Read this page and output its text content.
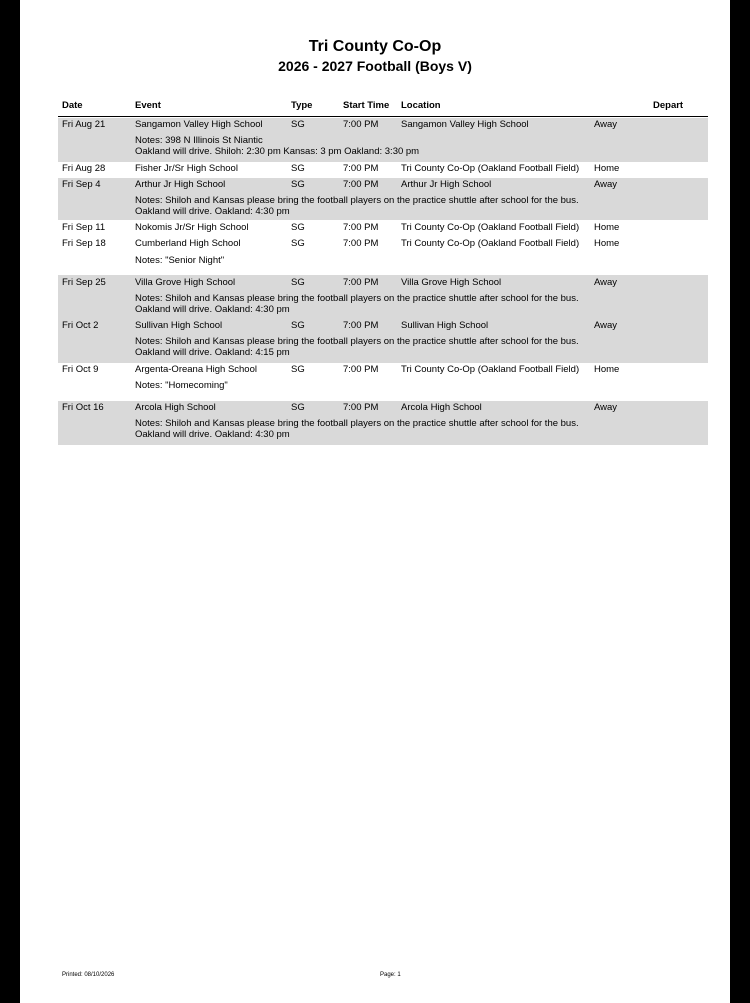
Tri County Co-Op
2026 - 2027 Football (Boys V)
Date	Event	Type	Start Time Location	Depart
Fri Aug 21	Sangamon Valley High School	SG	7:00 PM Sangamon Valley High School	Away
Notes: 398 N Illinois St Niantic
Oakland will drive. Shiloh: 2:30 pm Kansas: 3 pm Oakland: 3:30 pm
Fri Aug 28	Fisher Jr/Sr High School	SG	7:00 PM Tri County Co-Op (Oakland Football Field) Home
Fri Sep 4	Arthur Jr High School	SG	7:00 PM Arthur Jr High School	Away
Notes: Shiloh and Kansas please bring the football players on the practice shuttle after school for the bus.
Oakland will drive. Oakland: 4:30 pm
Fri Sep 11	Nokomis Jr/Sr High School	SG	7:00 PM Tri County Co-Op (Oakland Football Field) Home
Fri Sep 18	Cumberland High School	SG	7:00 PM Tri County Co-Op (Oakland Football Field) Home
Notes: "Senior Night"
Fri Sep 25	Villa Grove High School	SG	7:00 PM Villa Grove High School	Away
Notes: Shiloh and Kansas please bring the football players on the practice shuttle after school for the bus.
Oakland will drive. Oakland: 4:30 pm
Fri Oct 2	Sullivan High School	SG	7:00 PM Sullivan High School	Away
Notes: Shiloh and Kansas please bring the football players on the practice shuttle after school for the bus.
Oakland will drive. Oakland: 4:15 pm
Fri Oct 9	Argenta-Oreana High School	SG	7:00 PM Tri County Co-Op (Oakland Football Field) Home
Notes: "Homecoming"
Fri Oct 16	Arcola High School	SG	7:00 PM Arcola High School	Away
Notes: Shiloh and Kansas please bring the football players on the practice shuttle after school for the bus.
Oakland will drive. Oakland: 4:30 pm
Printed: 08/10/2026	Page: 1
